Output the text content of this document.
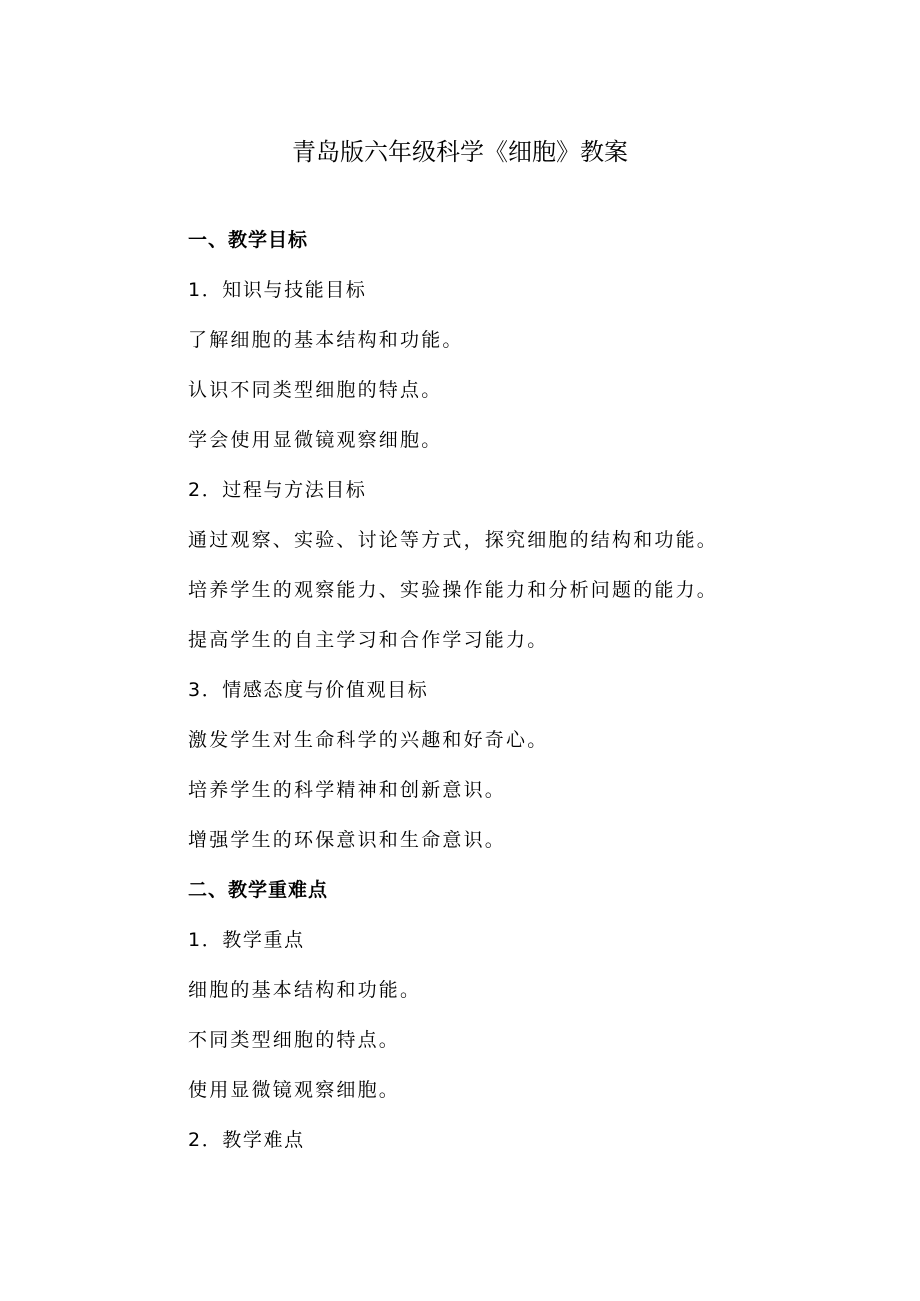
青岛版六年级科学《细胞》教案
一、教学目标
1．知识与技能目标
了解细胞的基本结构和功能。
认识不同类型细胞的特点。
学会使用显微镜观察细胞。
2．过程与方法目标
通过观察、实验、讨论等方式，探究细胞的结构和功能。
培养学生的观察能力、实验操作能力和分析问题的能力。
提高学生的自主学习和合作学习能力。
3．情感态度与价值观目标
激发学生对生命科学的兴趣和好奇心。
培养学生的科学精神和创新意识。
增强学生的环保意识和生命意识。
二、教学重难点
1．教学重点
细胞的基本结构和功能。
不同类型细胞的特点。
使用显微镜观察细胞。
2．教学难点
